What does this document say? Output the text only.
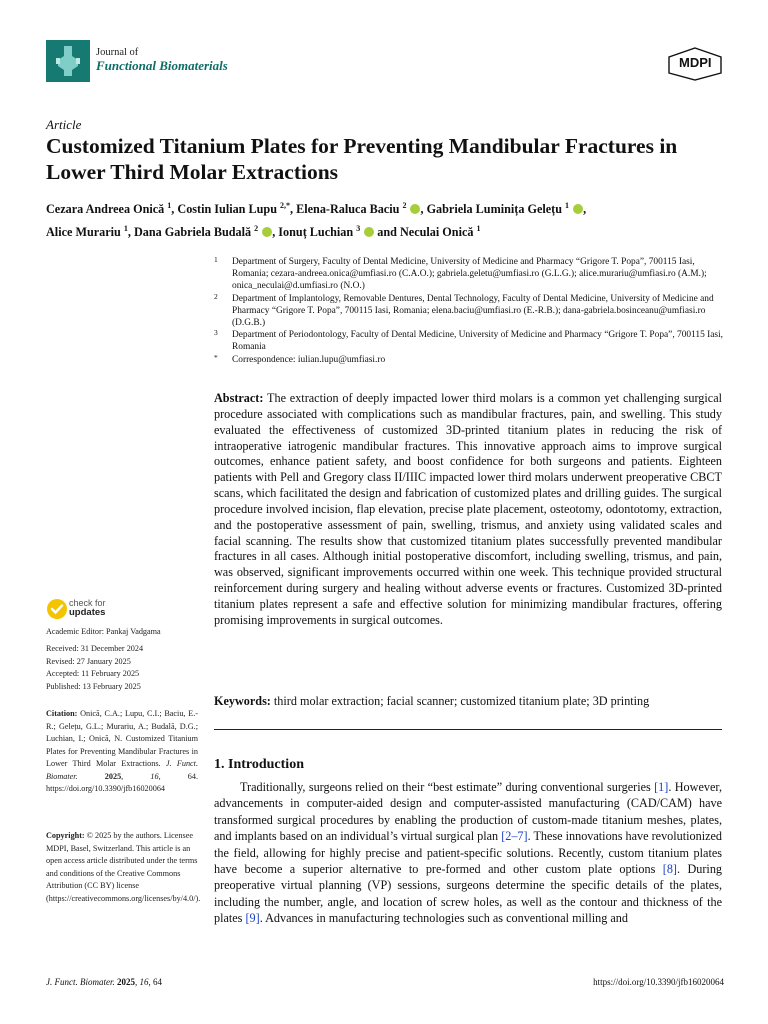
Journal of
Functional Biomaterials	MDPI
Article
Customized Titanium Plates for Preventing Mandibular Fractures in Lower Third Molar Extractions
Cezara Andreea Onică $^1$, Costin Iulian Lupu $^{2,*}$, Elena-Raluca Baciu $^2$ , Gabriela Luminița Gelețu $^1$ ,
Alice Murariu $^1$, Dana Gabriela Budală $^2$ , Ionuț Luchian $^3$  and Neculai Onică $^1$
1 Department of Surgery, Faculty of Dental Medicine, University of Medicine and Pharmacy “Grigore T. Popa”, 700115 Iasi, Romania; cezara-andreea.onica@umfiasi.ro (C.A.O.); gabriela.geletu@umfiasi.ro (G.L.G.); alice.murariu@umfiasi.ro (A.M.); onica_neculai@d.umfiasi.ro (N.O.)
2 Department of Implantology, Removable Dentures, Dental Technology, Faculty of Dental Medicine, University of Medicine and Pharmacy “Grigore T. Popa”, 700115 Iasi, Romania; elena.baciu@umfiasi.ro (E.-R.B.); dana-gabriela.bosinceanu@umfiasi.ro (D.G.B.)
3 Department of Periodontology, Faculty of Dental Medicine, University of Medicine and Pharmacy “Grigore T. Popa”, 700115 Iasi, Romania
* Correspondence: iulian.lupu@umfiasi.ro

Abstract: The extraction of deeply impacted lower third molars is a common yet challenging surgical procedure associated with complications such as mandibular fractures, pain, and swelling. This study evaluated the effectiveness of customized 3D-printed titanium plates in reducing the risk of intraoperative iatrogenic mandibular fractures. This innovative approach aims to improve surgical outcomes, enhance patient safety, and boost confidence for both surgeons and patients. Eighteen patients with Pell and Gregory class II/IIIC impacted lower third molars underwent preoperative CBCT scans, which facilitated the design and fabrication of customized plates and drilling guides. The surgical procedure involved incision, flap elevation, precise plate placement, osteotomy, odontotomy, extraction, and the postoperative assessment of pain, swelling, trismus, and anxiety using validated scales and facial scanning. The results show that customized titanium plates successfully prevented mandibular fractures in all cases. Although initial postoperative discomfort, including swelling, trismus, and pain, was observed, significant improvements occurred within one week. This technique provided structural reinforcement during surgery and healing without adverse events or fractures. Customized 3D-printed titanium plates represent a safe and effective solution for minimizing mandibular fractures, offering promising improvements in surgical outcomes.

Keywords: third molar extraction; facial scanner; customized titanium plate; 3D printing
1. Introduction

Traditionally, surgeons relied on their “best estimate” during conventional surgeries [1]. However, advancements in computer-aided design and computer-assisted manufacturing (CAD/CAM) have transformed surgical procedures by enabling the production of custom-made titanium meshes, plates, and implants based on an individual’s virtual surgical plan [2–7]. These innovations have revolutionized the field, allowing for highly precise and patient-specific solutions. Recently, custom titanium plates have become a superior alternative to pre-formed and other custom plate options [8]. During preoperative virtual planning (VP) sessions, surgeons determine the specific details of the plates, including the number, angle, and location of screw holes, as well as the contour and thickness of the plates [9]. Advances in manufacturing technologies such as conventional milling and

check for
updates
Academic Editor: Pankaj Vadgama
Received: 31 December 2024
Revised: 27 January 2025
Accepted: 11 February 2025
Published: 13 February 2025
Citation: Onică, C.A.; Lupu, C.I.; Baciu, E.-R.; Gelețu, G.L.; Murariu, A.; Budală, D.G.; Luchian, I.; Onică, N. Customized Titanium Plates for Preventing Mandibular Fractures in Lower Third Molar Extractions. J. Funct. Biomater.	2025, 16, 64. https://doi.org/10.3390/jfb16020064
Copyright: © 2025 by the authors. Licensee MDPI, Basel, Switzerland. This article is an open access article distributed under the terms and conditions of the Creative Commons Attribution (CC BY) license (https://creativecommons.org/licenses/by/4.0/).
J. Funct. Biomater. 2025, 16, 64	https://doi.org/10.3390/jfb16020064
